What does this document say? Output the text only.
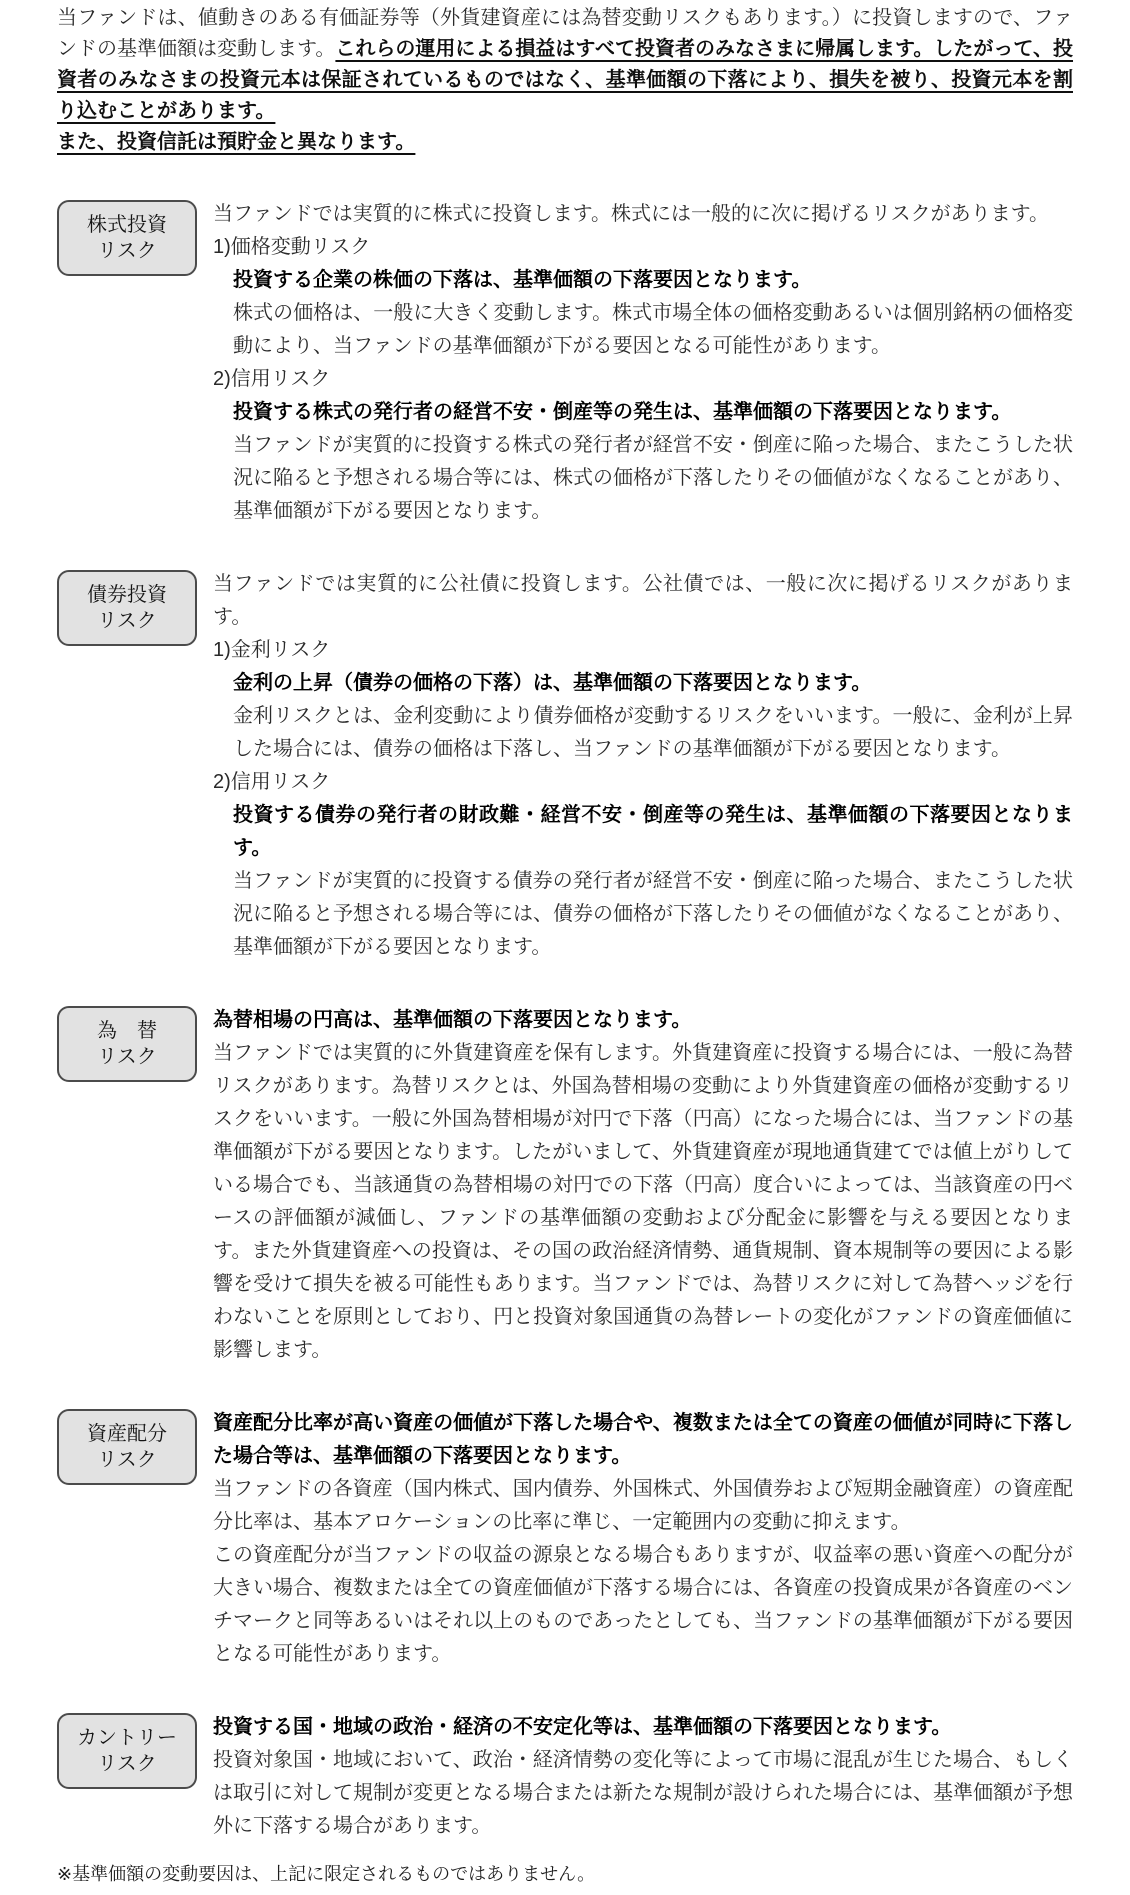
当ファンドは、値動きのある有価証券等（外貨建資産には為替変動リスクもあります。）に投資しますので、ファンドの基準価額は変動します。これらの運用による損益はすべて投資者のみなさまに帰属します。したがって、投資者のみなさまの投資元本は保証されているものではなく、基準価額の下落により、損失を被り、投資元本を割り込むことがあります。

また、投資信託は預貯金と異なります。

株式投資
リスク

当ファンドでは実質的に株式に投資します。株式には一般的に次に掲げるリスクがあります。

1)価格変動リスク

投資する企業の株価の下落は、基準価額の下落要因となります。

株式の価格は、一般に大きく変動します。株式市場全体の価格変動あるいは個別銘柄の価格変動により、当ファンドの基準価額が下がる要因となる可能性があります。

2)信用リスク

投資する株式の発行者の経営不安・倒産等の発生は、基準価額の下落要因となります。

当ファンドが実質的に投資する株式の発行者が経営不安・倒産に陥った場合、またこうした状況に陥ると予想される場合等には、株式の価格が下落したりその価値がなくなることがあり、基準価額が下がる要因となります。

債券投資
リスク

当ファンドでは実質的に公社債に投資します。公社債では、一般に次に掲げるリスクがあります。

1)金利リスク

金利の上昇（債券の価格の下落）は、基準価額の下落要因となります。

金利リスクとは、金利変動により債券価格が変動するリスクをいいます。一般に、金利が上昇した場合には、債券の価格は下落し、当ファンドの基準価額が下がる要因となります。

2)信用リスク

投資する債券の発行者の財政難・経営不安・倒産等の発生は、基準価額の下落要因となります。

当ファンドが実質的に投資する債券の発行者が経営不安・倒産に陥った場合、またこうした状況に陥ると予想される場合等には、債券の価格が下落したりその価値がなくなることがあり、基準価額が下がる要因となります。

為　替
リスク

為替相場の円高は、基準価額の下落要因となります。

当ファンドでは実質的に外貨建資産を保有します。外貨建資産に投資する場合には、一般に為替リスクがあります。為替リスクとは、外国為替相場の変動により外貨建資産の価格が変動するリスクをいいます。一般に外国為替相場が対円で下落（円高）になった場合には、当ファンドの基準価額が下がる要因となります。したがいまして、外貨建資産が現地通貨建てでは値上がりしている場合でも、当該通貨の為替相場の対円での下落（円高）度合いによっては、当該資産の円ベースの評価額が減価し、ファンドの基準価額の変動および分配金に影響を与える要因となります。また外貨建資産への投資は、その国の政治経済情勢、通貨規制、資本規制等の要因による影響を受けて損失を被る可能性もあります。当ファンドでは、為替リスクに対して為替ヘッジを行わないことを原則としており、円と投資対象国通貨の為替レートの変化がファンドの資産価値に影響します。

資産配分
リスク

資産配分比率が高い資産の価値が下落した場合や、複数または全ての資産の価値が同時に下落した場合等は、基準価額の下落要因となります。

当ファンドの各資産（国内株式、国内債券、外国株式、外国債券および短期金融資産）の資産配分比率は、基本アロケーションの比率に準じ、一定範囲内の変動に抑えます。

この資産配分が当ファンドの収益の源泉となる場合もありますが、収益率の悪い資産への配分が大きい場合、複数または全ての資産価値が下落する場合には、各資産の投資成果が各資産のベンチマークと同等あるいはそれ以上のものであったとしても、当ファンドの基準価額が下がる要因となる可能性があります。

カントリー
リスク

投資する国・地域の政治・経済の不安定化等は、基準価額の下落要因となります。

投資対象国・地域において、政治・経済情勢の変化等によって市場に混乱が生じた場合、もしくは取引に対して規制が変更となる場合または新たな規制が設けられた場合には、基準価額が予想外に下落する場合があります。

※基準価額の変動要因は、上記に限定されるものではありません。
